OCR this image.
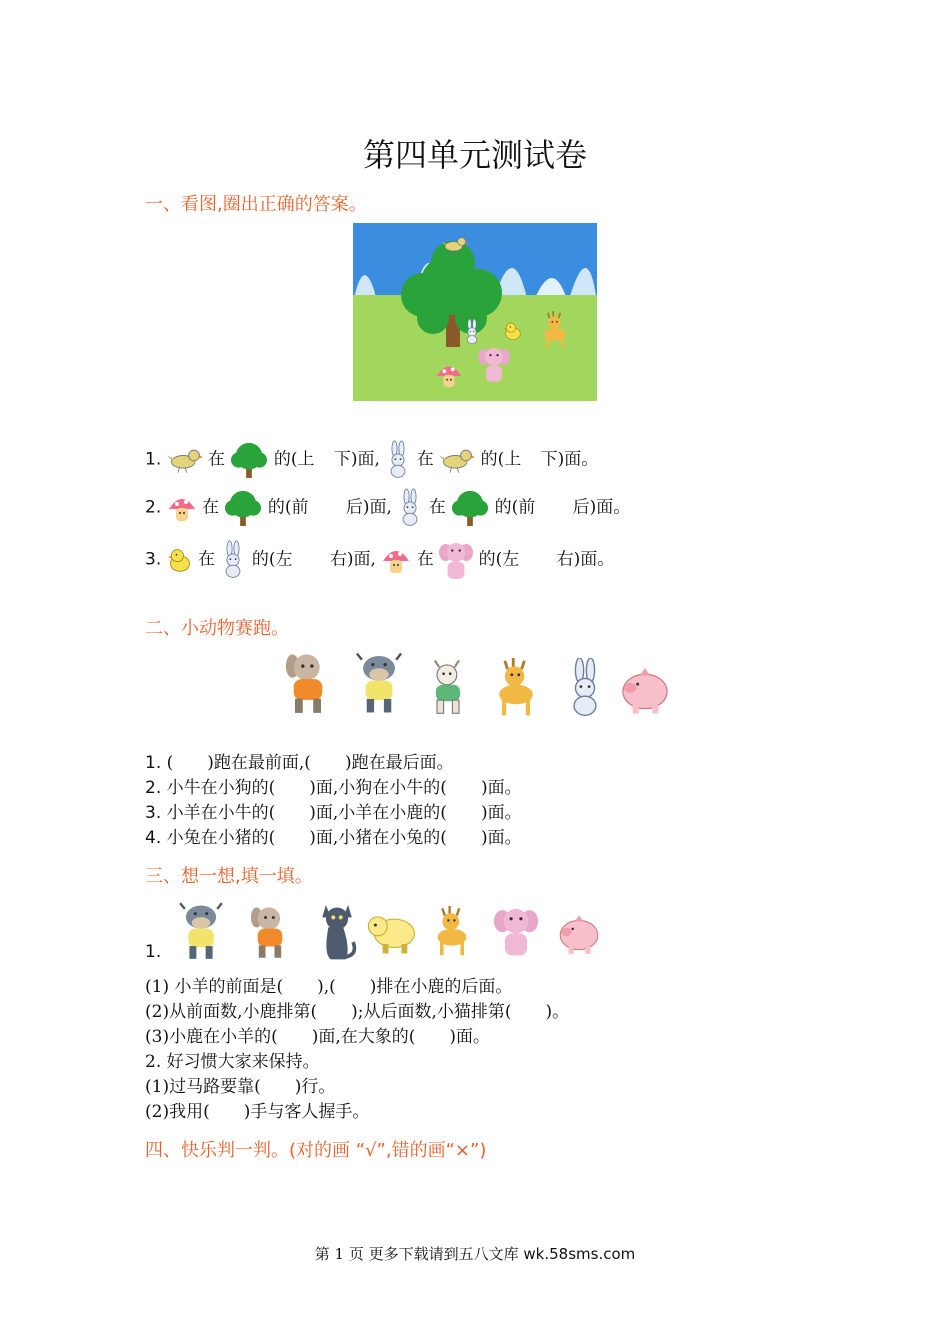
第四单元测试卷
一、看图,圈出正确的答案。
1.	在	的(上 下)面, 在	的(上 下)面。
2. 在	的(前 后)面, 在	的(前 后)面。
3. 在 的(左 右)面, 在	的(左 右)面。
二、小动物赛跑。
1. (　　)跑在最前面,(　　)跑在最后面。
2. 小牛在小狗的(　　)面,小狗在小牛的(　　)面。
3. 小羊在小牛的(　　)面,小羊在小鹿的(　　)面。
4. 小兔在小猪的(　　)面,小猪在小兔的(　　)面。
三、想一想,填一填。
1.
(1) 小羊的前面是(　　),(　　)排在小鹿的后面。
(2)从前面数,小鹿排第(　　);从后面数,小猫排第(　　)。
(3)小鹿在小羊的(　　)面,在大象的(　　)面。
2. 好习惯大家来保持。
(1)过马路要靠(　　)行。
(2)我用(　　)手与客人握手。
四、快乐判一判。(对的画 “√”,错的画“×”)
第 1 页 更多下载请到五八文库 wk.58sms.com
